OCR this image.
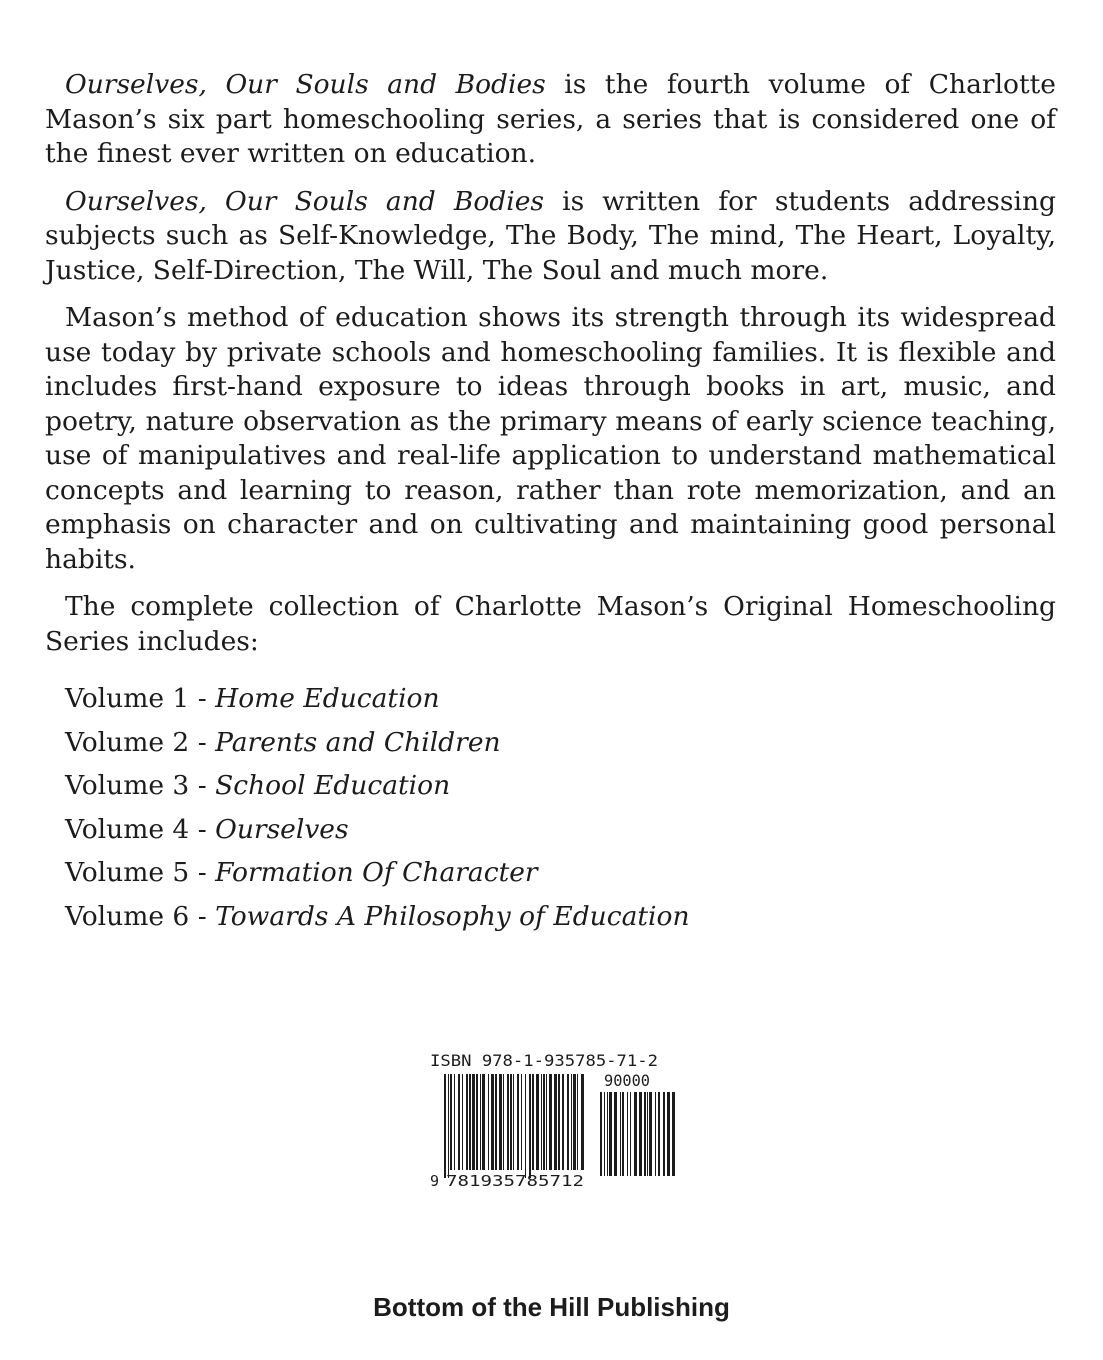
Ourselves, Our Souls and Bodies is the fourth volume of Charlotte Mason’s six part homeschooling series, a series that is considered one of the finest ever written on education.

Ourselves, Our Souls and Bodies is written for students addressing subjects such as Self-Knowledge, The Body, The mind, The Heart, Loyalty, Justice, Self-Direction, The Will, The Soul and much more.

Mason’s method of education shows its strength through its widespread use today by private schools and homeschooling families. It is flexible and includes first-hand exposure to ideas through books in art, music, and poetry, nature observation as the primary means of early science teaching, use of manipulatives and real-life application to understand mathematical concepts and learning to reason, rather than rote memorization, and an emphasis on character and on cultivating and maintaining good personal habits.

The complete collection of Charlotte Mason’s Original Homeschooling Series includes:

Volume 1 - Home Education
Volume 2 - Parents and Children
Volume 3 - School Education
Volume 4 - Ourselves
Volume 5 - Formation Of Character
Volume 6 - Towards A Philosophy of Education
ISBN 978-1-935785-71-2
90000
9 781935785712
Bottom of the Hill Publishing
